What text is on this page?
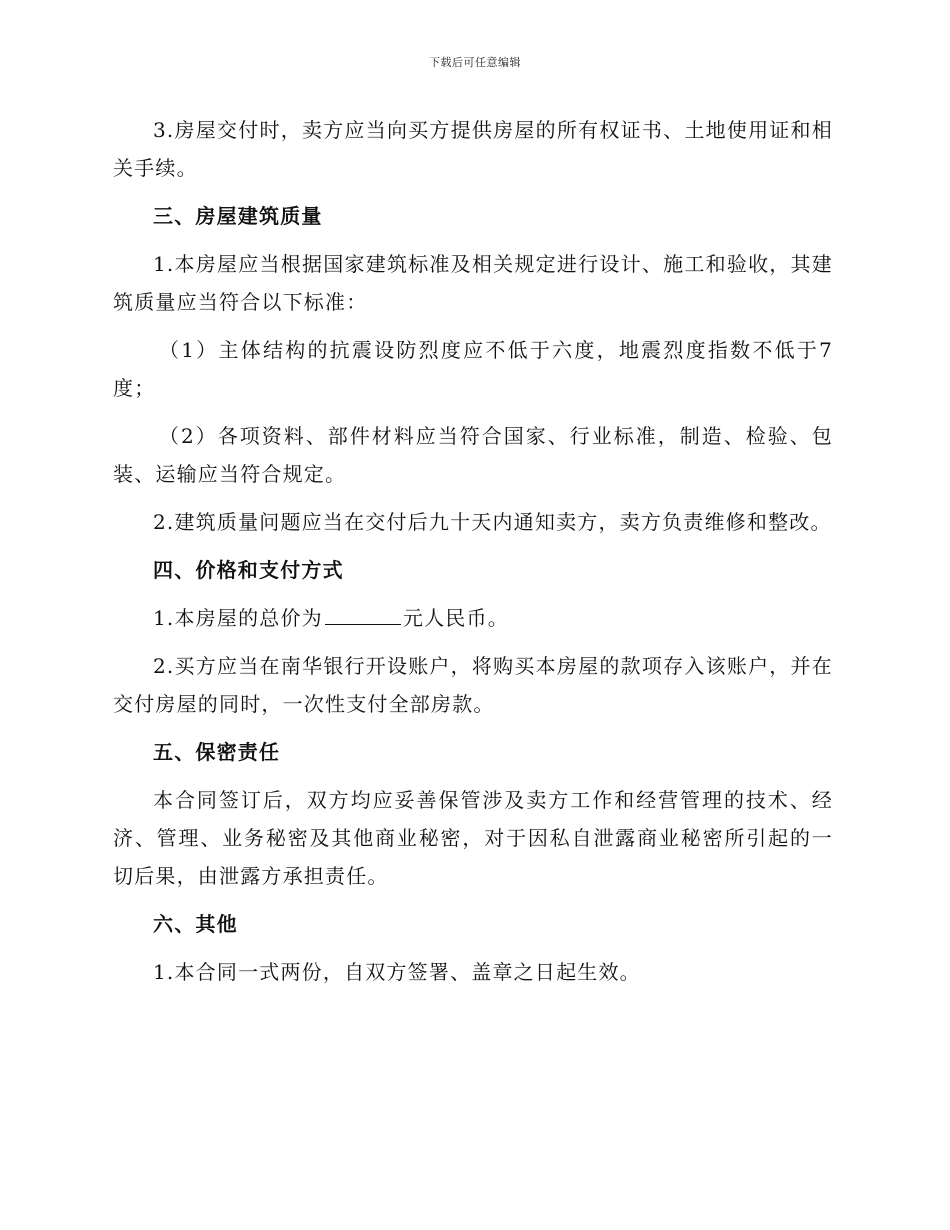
下载后可任意编辑

3.房屋交付时，卖方应当向买方提供房屋的所有权证书、土地使用证和相关手续。

三、房屋建筑质量

1.本房屋应当根据国家建筑标准及相关规定进行设计、施工和验收，其建筑质量应当符合以下标准：

（1）主体结构的抗震设防烈度应不低于六度，地震烈度指数不低于7度；

（2）各项资料、部件材料应当符合国家、行业标准，制造、检验、包装、运输应当符合规定。

2.建筑质量问题应当在交付后九十天内通知卖方，卖方负责维修和整改。

四、价格和支付方式

1.本房屋的总价为	元人民币。

2.买方应当在南华银行开设账户，将购买本房屋的款项存入该账户，并在交付房屋的同时，一次性支付全部房款。

五、保密责任

本合同签订后，双方均应妥善保管涉及卖方工作和经营管理的技术、经济、管理、业务秘密及其他商业秘密，对于因私自泄露商业秘密所引起的一切后果，由泄露方承担责任。

六、其他

1.本合同一式两份，自双方签署、盖章之日起生效。
